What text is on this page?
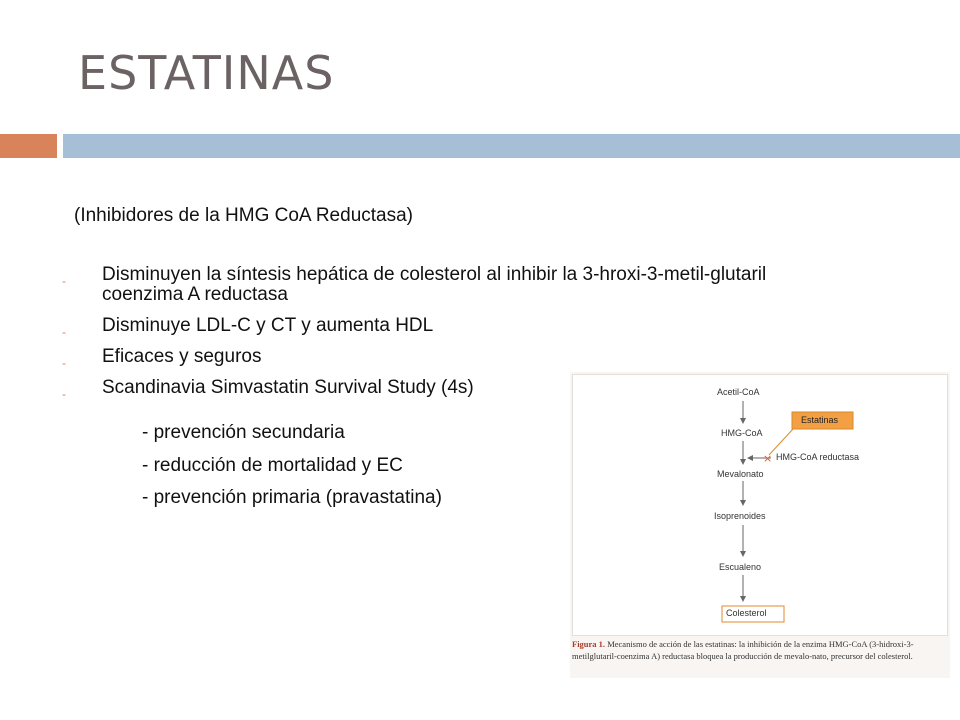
ESTATINAS
(Inhibidores de la HMG CoA Reductasa)
- Disminuyen la síntesis hepática de colesterol al inhibir la 3-hroxi-3-metil-glutaril coenzima A reductasa
- Disminuye LDL-C y CT y aumenta HDL
- Eficaces y seguros
- Scandinavia Simvastatin Survival Study (4s)
- prevención secundaria
- reducción de mortalidad y EC
- prevención primaria (pravastatina)
×
Acetil-CoA
HMG-CoA
Mevalonato
Isoprenoides
Escualeno
Colesterol
Estatinas
HMG-CoA reductasa
Figura 1. Mecanismo de acción de las estatinas: la inhibición de la enzima HMG-CoA (3-hidroxi-3-metilglutaril-coenzima A) reductasa bloquea la producción de mevalo-nato, precursor del colesterol.
